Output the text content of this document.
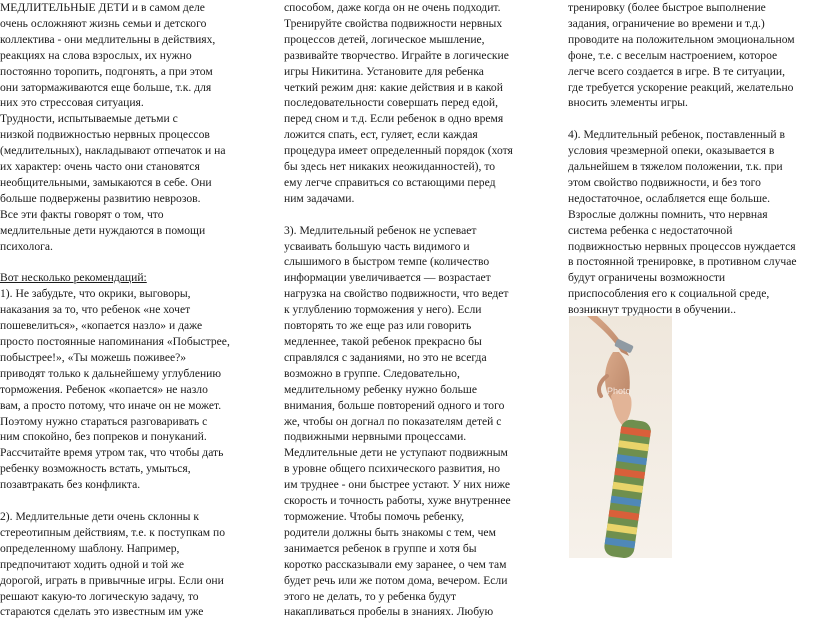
МЕДЛИТЕЛЬНЫЕ ДЕТИ и в самом деле

очень осложняют жизнь семьи и детского

коллектива - они медлительны в действиях,

реакциях на слова взрослых, их нужно

постоянно торопить, подгонять, а при этом

они затормаживаются еще больше, т.к. для

них это стрессовая ситуация.

Трудности, испытываемые детьми с

низкой подвижностью нервных процессов

(медлительных), накладывают отпечаток и на

их характер: очень часто они становятся

необщительными, замыкаются в себе. Они

больше подвержены развитию неврозов.

Все эти факты говорят о том, что

медлительные дети нуждаются в помощи

психолога.

Вот несколько рекомендаций:

1). Не забудьте, что окрики, выговоры,

наказания за то, что ребенок «не хочет

пошевелиться», «копается назло» и даже

просто постоянные напоминания «Побыстрее,

побыстрее!», «Ты можешь поживее?»

приводят только к дальнейшему углублению

торможения. Ребенок «копается» не назло

вам, а просто потому, что иначе он не может.

Поэтому нужно стараться разговаривать с

ним спокойно, без попреков и понуканий.

Рассчитайте время утром так, что чтобы дать

ребенку возможность встать, умыться,

позавтракать без конфликта.

2). Медлительные дети очень склонны к

стереотипным действиям, т.е. к поступкам по

определенному шаблону. Например,

предпочитают ходить одной и той же

дорогой, играть в привычные игры. Если они

решают какую-то логическую задачу, то

стараются сделать это известным им уже

способом, даже когда он не очень подходит.

Тренируйте свойства подвижности нервных

процессов детей, логическое мышление,

развивайте творчество. Играйте в логические

игры Никитина. Установите для ребенка

четкий режим дня: какие действия и в какой

последовательности совершать перед едой,

перед сном и т.д. Если ребенок в одно время

ложится спать, ест, гуляет, если каждая

процедура имеет определенный порядок (хотя

бы здесь нет никаких неожиданностей), то

ему легче справиться со встающими перед

ним задачами.

3). Медлительный ребенок не успевает

усваивать большую часть видимого и

слышимого в быстром темпе (количество

информации увеличивается — возрастает

нагрузка на свойство подвижности, что ведет

к углублению торможения у него). Если

повторять то же еще раз или говорить

медленнее, такой ребенок прекрасно бы

справлялся с заданиями, но это не всегда

возможно в группе. Следовательно,

медлительному ребенку нужно больше

внимания, больше повторений одного и того

же, чтобы он догнал по показателям детей с

подвижными нервными процессами.

Медлительные дети не уступают подвижным

в уровне общего психического развития, но

им труднее - они быстрее устают. У них ниже

скорость и точность работы, хуже внутреннее

торможение. Чтобы помочь ребенку,

родители должны быть знакомы с тем, чем

занимается ребенок в группе и хотя бы

коротко рассказывали ему заранее, о чем там

будет речь или же потом дома, вечером. Если

этого не делать, то у ребенка будут

накапливаться пробелы в знаниях. Любую

тренировку (более быстрое выполнение

задания, ограничение во времени и т.д.)

проводите на положительном эмоциональном

фоне, т.е. с веселым настроением, которое

легче всего создается в игре. В те ситуации,

где требуется ускорение реакций, желательно

вносить элементы игры.

4). Медлительный ребенок, поставленный в

условия чрезмерной опеки, оказывается в

дальнейшем в тяжелом положении, т.к. при

этом свойство подвижности, и без того

недостаточное, ослабляется еще больше.

Взрослые должны помнить, что нервная

система ребенка с недостаточной

подвижностью нервных процессов нуждается

в постоянной тренировке, в противном случае

будут ограничены возможности

приспособления его к социальной среде,

возникнут трудности в обучении..

Photo
